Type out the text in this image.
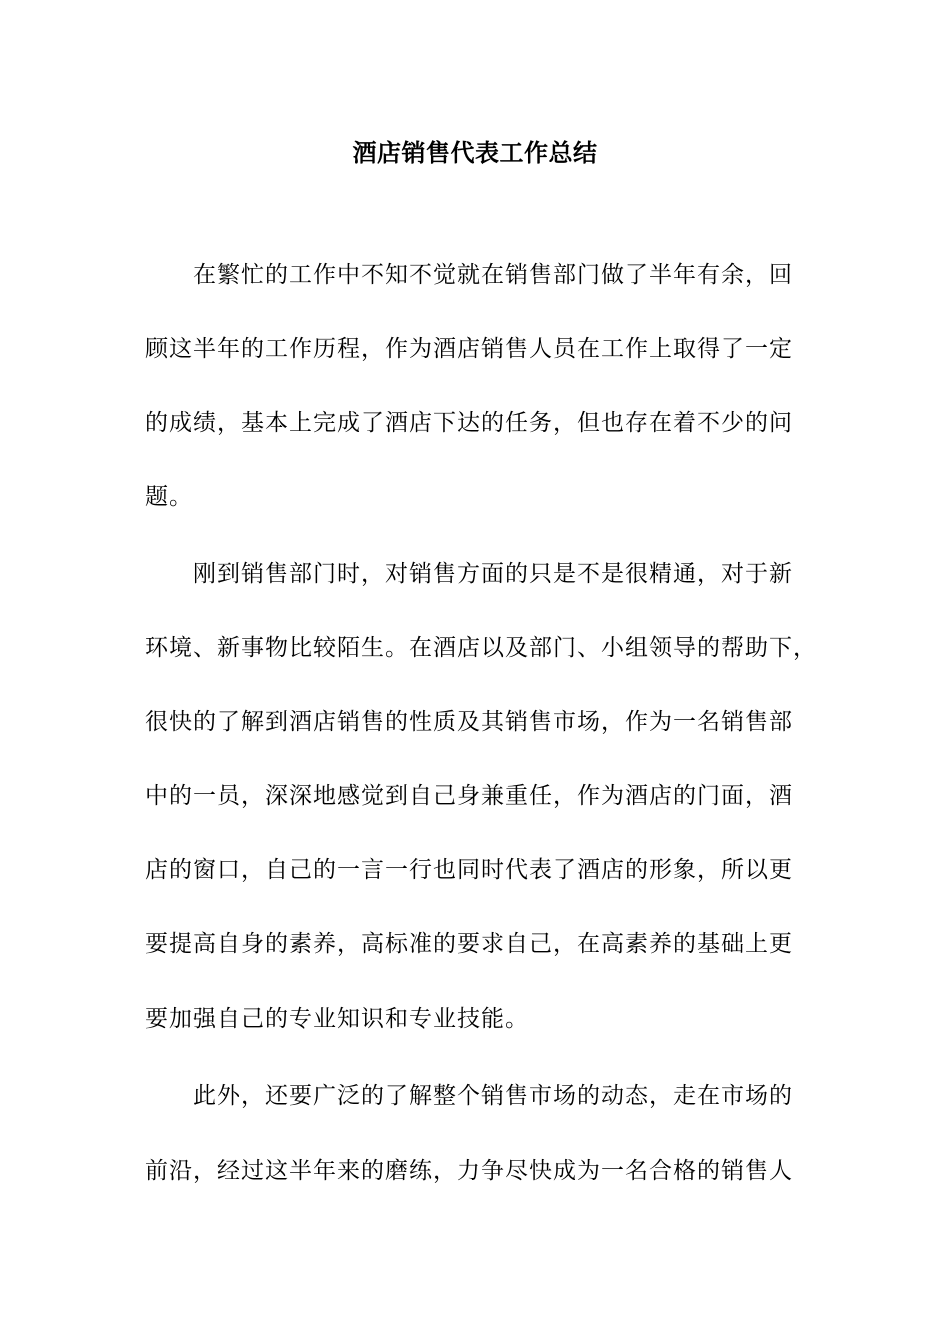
酒店销售代表工作总结
在繁忙的工作中不知不觉就在销售部门做了半年有余，回
顾这半年的工作历程，作为酒店销售人员在工作上取得了一定
的成绩，基本上完成了酒店下达的任务，但也存在着不少的问
题。
刚到销售部门时，对销售方面的只是不是很精通，对于新
环境、新事物比较陌生。在酒店以及部门、小组领导的帮助下，
很快的了解到酒店销售的性质及其销售市场，作为一名销售部
中的一员，深深地感觉到自己身兼重任，作为酒店的门面，酒
店的窗口，自己的一言一行也同时代表了酒店的形象，所以更
要提高自身的素养，高标准的要求自己，在高素养的基础上更
要加强自己的专业知识和专业技能。
此外，还要广泛的了解整个销售市场的动态，走在市场的
前沿，经过这半年来的磨练，力争尽快成为一名合格的销售人
